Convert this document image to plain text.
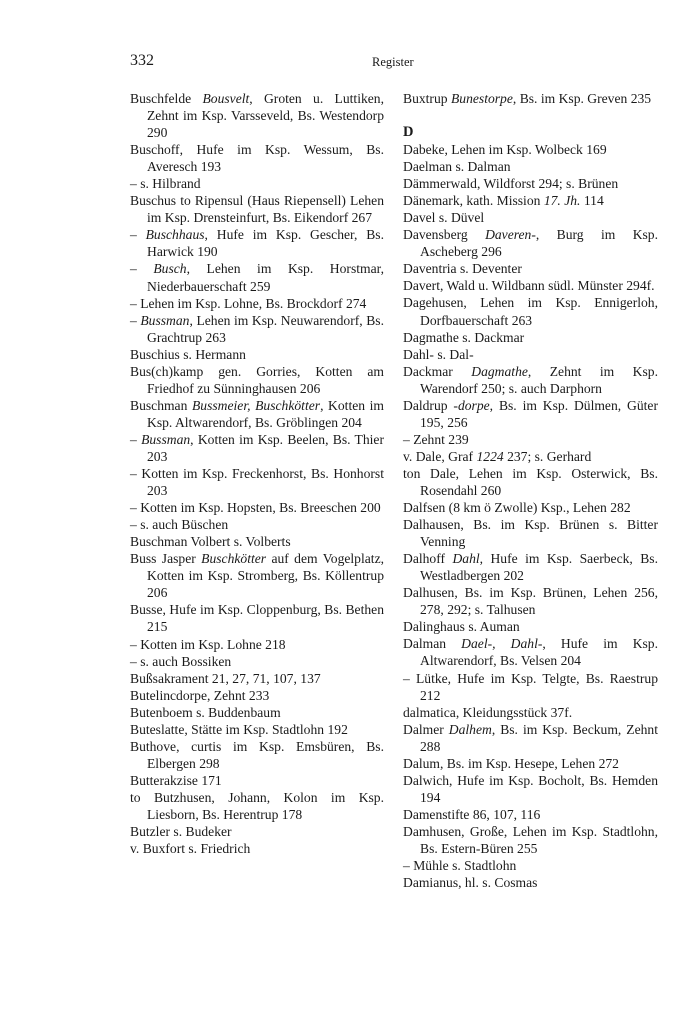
332	Register

Buschfelde Bousvelt, Groten u. Luttiken, Zehnt im Ksp. Varsseveld, Bs. Westendorp 290

Buschoff, Hufe im Ksp. Wessum, Bs. Averesch 193

– s. Hilbrand

Buschus to Ripensul (Haus Riepensell) Lehen im Ksp. Drensteinfurt, Bs. Eikendorf 267

– Buschhaus, Hufe im Ksp. Gescher, Bs. Harwick 190

– Busch, Lehen im Ksp. Horstmar, Niederbauerschaft 259

– Lehen im Ksp. Lohne, Bs. Brockdorf 274

– Bussman, Lehen im Ksp. Neuwarendorf, Bs. Grachtrup 263

Buschius s. Hermann

Bus(ch)kamp gen. Gorries, Kotten am Friedhof zu Sünninghausen 206

Buschman Bussmeier, Buschkötter, Kotten im Ksp. Altwarendorf, Bs. Gröblingen 204

– Bussman, Kotten im Ksp. Beelen, Bs. Thier 203

– Kotten im Ksp. Freckenhorst, Bs. Honhorst 203

– Kotten im Ksp. Hopsten, Bs. Breeschen 200

– s. auch Büschen

Buschman Volbert s. Volberts

Buss Jasper Buschkötter auf dem Vogelplatz, Kotten im Ksp. Stromberg, Bs. Köllentrup 206

Busse, Hufe im Ksp. Cloppenburg, Bs. Bethen 215

– Kotten im Ksp. Lohne 218

– s. auch Bossiken

Bußsakrament 21, 27, 71, 107, 137

Butelincdorpe, Zehnt 233

Butenboem s. Buddenbaum

Buteslatte, Stätte im Ksp. Stadtlohn 192

Buthove, curtis im Ksp. Emsbüren, Bs. Elbergen 298

Butterakzise 171

to Butzhusen, Johann, Kolon im Ksp. Liesborn, Bs. Herentrup 178

Butzler s. Budeker

v. Buxfort s. Friedrich

Buxtrup Bunestorpe, Bs. im Ksp. Greven 235

D

Dabeke, Lehen im Ksp. Wolbeck 169

Daelman s. Dalman

Dämmerwald, Wildforst 294; s. Brünen

Dänemark, kath. Mission 17. Jh. 114

Davel s. Düvel

Davensberg Daveren-, Burg im Ksp. Ascheberg 296

Daventria s. Deventer

Davert, Wald u. Wildbann südl. Münster 294f.

Dagehusen, Lehen im Ksp. Ennigerloh, Dorfbauerschaft 263

Dagmathe s. Dackmar

Dahl- s. Dal-

Dackmar Dagmathe, Zehnt im Ksp. Warendorf 250; s. auch Darphorn

Daldrup -dorpe, Bs. im Ksp. Dülmen, Güter 195, 256

– Zehnt 239

v. Dale, Graf 1224 237; s. Gerhard

ton Dale, Lehen im Ksp. Osterwick, Bs. Rosendahl 260

Dalfsen (8 km ö Zwolle) Ksp., Lehen 282

Dalhausen, Bs. im Ksp. Brünen s. Bitter Venning

Dalhoff Dahl, Hufe im Ksp. Saerbeck, Bs. Westladbergen 202

Dalhusen, Bs. im Ksp. Brünen, Lehen 256, 278, 292; s. Talhusen

Dalinghaus s. Auman

Dalman Dael-, Dahl-, Hufe im Ksp. Altwarendorf, Bs. Velsen 204

– Lütke, Hufe im Ksp. Telgte, Bs. Raestrup 212

dalmatica, Kleidungsstück 37f.

Dalmer Dalhem, Bs. im Ksp. Beckum, Zehnt 288

Dalum, Bs. im Ksp. Hesepe, Lehen 272

Dalwich, Hufe im Ksp. Bocholt, Bs. Hemden 194

Damenstifte 86, 107, 116

Damhusen, Große, Lehen im Ksp. Stadtlohn, Bs. Estern-Büren 255

– Mühle s. Stadtlohn

Damianus, hl. s. Cosmas
